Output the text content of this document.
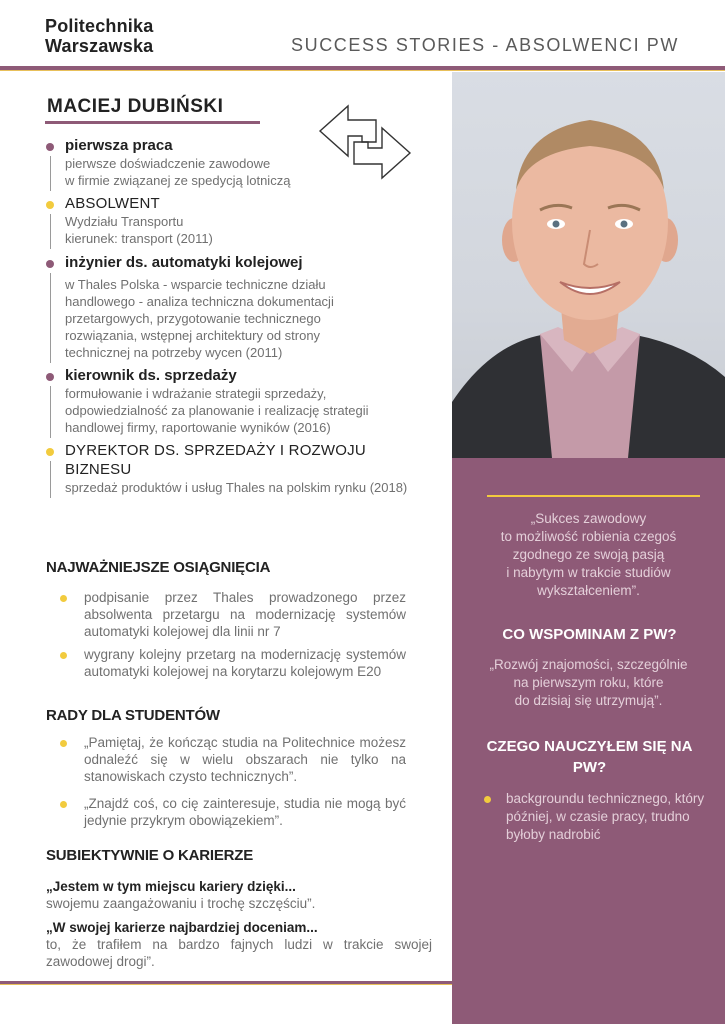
Politechnika
Warszawska	SUCCESS STORIES - ABSOLWENCI PW
MACIEJ DUBIŃSKI
pierwsza praca
pierwsze doświadczenie zawodowe
w firmie związanej ze spedycją lotniczą
ABSOLWENT
Wydziału Transportu
kierunek: transport (2011)
inżynier ds. automatyki kolejowej
w Thales Polska - wsparcie techniczne działu handlowego - analiza techniczna dokumentacji przetargowych, przygotowanie technicznego rozwiązania, wstępnej architektury od strony technicznej na potrzeby wycen (2011)
kierownik ds. sprzedaży
formułowanie i wdrażanie strategii sprzedaży, odpowiedzialność za planowanie i realizację strategii handlowej firmy, raportowanie wyników (2016)
DYREKTOR DS. SPRZEDAŻY I ROZWOJU BIZNESU
sprzedaż produktów i usług Thales na polskim rynku (2018)
NAJWAŻNIEJSZE OSIĄGNIĘCIA
podpisanie przez Thales prowadzonego przez absolwenta przetargu na modernizację systemów automatyki kolejowej dla linii nr 7
wygrany kolejny przetarg na modernizację systemów automatyki kolejowej na korytarzu kolejowym E20
RADY DLA STUDENTÓW
„Pamiętaj, że kończąc studia na Politechnice możesz odnaleźć się w wielu obszarach nie tylko na stanowiskach czysto technicznych”.
„Znajdź coś, co cię zainteresuje, studia nie mogą być jedynie przykrym obowiązekiem”.
SUBIEKTYWNIE O KARIERZE
„Jestem w tym miejscu kariery dzięki...
swojemu zaangażowaniu i trochę szczęściu”.
„W swojej karierze najbardziej doceniam...
to, że trafiłem na bardzo fajnych ludzi w trakcie swojej zawodowej drogi”.
„Sukces zawodowy
to możliwość robienia czegoś
zgodnego ze swoją pasją
i nabytym w trakcie studiów
wykształceniem”.
CO WSPOMINAM Z PW?
„Rozwój znajomości, szczególnie
na pierwszym roku, które
do dzisiaj się utrzymują”.
CZEGO NAUCZYŁEM SIĘ NA PW?
backgroundu technicznego, który później, w czasie pracy, trudno byłoby nadrobić
